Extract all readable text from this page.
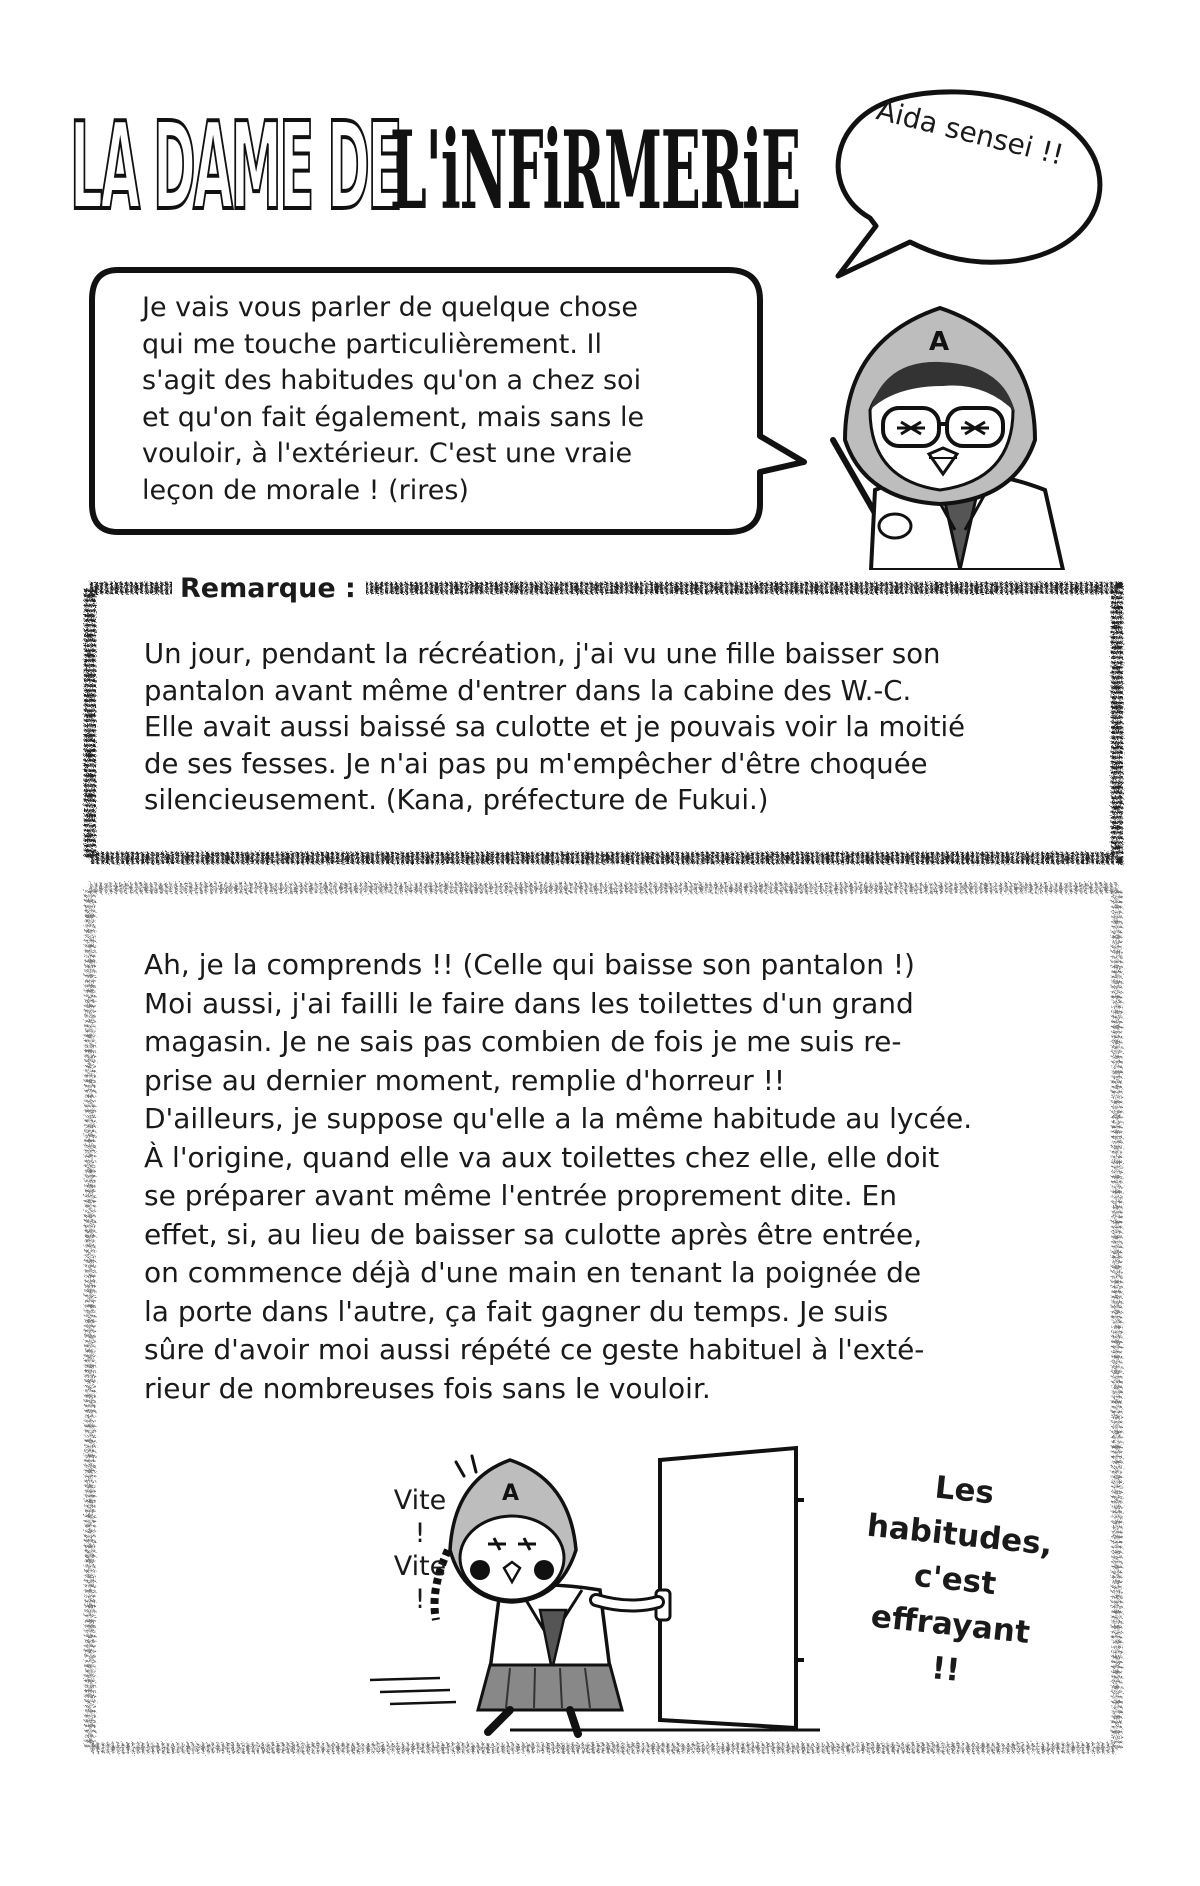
LA DAME DE
L'iNFiRMERiE	Aida sensei !!
Je vais vous parler de quelque chose
qui me touche particulièrement. Il
s'agit des habitudes qu'on a chez soi
et qu'on fait également, mais sans le
vouloir, à l'extérieur. C'est une vraie
leçon de morale ! (rires)
A
Remarque :
Un jour, pendant la récréation, j'ai vu une fille baisser son
pantalon avant même d'entrer dans la cabine des W.-C.
Elle avait aussi baissé sa culotte et je pouvais voir la moitié
de ses fesses. Je n'ai pas pu m'empêcher d'être choquée
silencieusement. (Kana, préfecture de Fukui.)
Ah, je la comprends !! (Celle qui baisse son pantalon !)
Moi aussi, j'ai failli le faire dans les toilettes d'un grand
magasin. Je ne sais pas combien de fois je me suis re-
prise au dernier moment, remplie d'horreur !!
D'ailleurs, je suppose qu'elle a la même habitude au lycée.
À l'origine, quand elle va aux toilettes chez elle, elle doit
se préparer avant même l'entrée proprement dite. En
effet, si, au lieu de baisser sa culotte après être entrée,
on commence déjà d'une main en tenant la poignée de
la porte dans l'autre, ça fait gagner du temps. Je suis
sûre d'avoir moi aussi répété ce geste habituel à l'exté-
rieur de nombreuses fois sans le vouloir.
A
Vite
!
Vite
!
Les
habitudes,
c'est
effrayant
!!
